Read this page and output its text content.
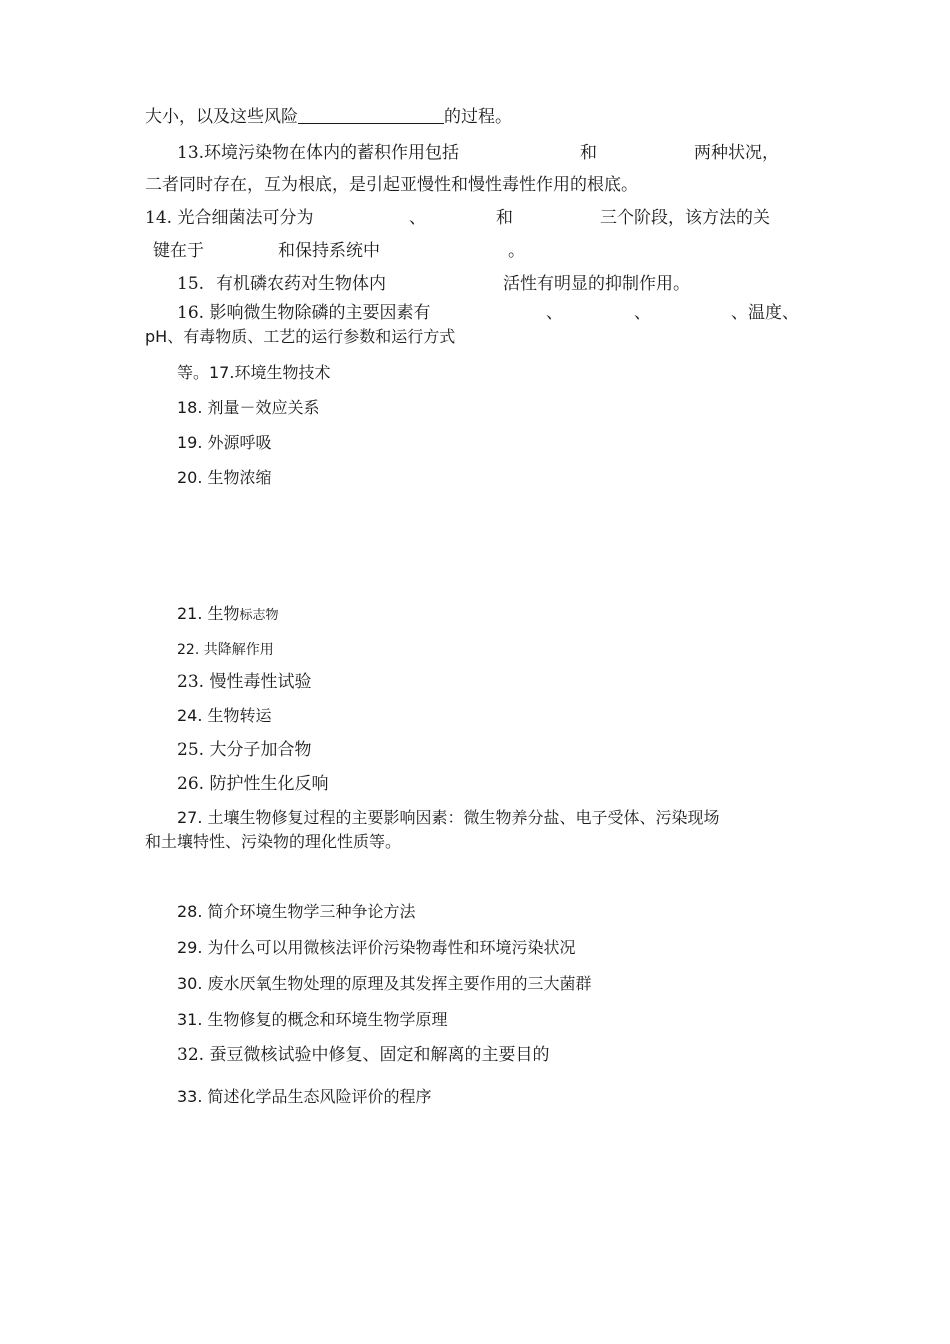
大小，以及这些风险	的过程。
13.环境污染物在体内的蓄积作用包括	和	两种状况，
二者同时存在，互为根底，是引起亚慢性和慢性毒性作用的根底。
14. 光合细菌法可分为	、	和	三个阶段，该方法的关
键在于	和保持系统中	。
15. 有机磷农药对生物体内	活性有明显的抑制作用。
16. 影响微生物除磷的主要因素有	、	、	、温度、
pH、有毒物质、工艺的运行参数和运行方式
等。17.环境生物技术
18. 剂量－效应关系
19. 外源呼吸
20. 生物浓缩
21. 生物标志物
22. 共降解作用
23. 慢性毒性试验
24. 生物转运
25. 大分子加合物
26. 防护性生化反响
27. 土壤生物修复过程的主要影响因素：微生物养分盐、电子受体、污染现场
和土壤特性、污染物的理化性质等。
28. 简介环境生物学三种争论方法
29. 为什么可以用微核法评价污染物毒性和环境污染状况
30. 废水厌氧生物处理的原理及其发挥主要作用的三大菌群
31. 生物修复的概念和环境生物学原理
32. 蚕豆微核试验中修复、固定和解离的主要目的
33. 简述化学品生态风险评价的程序
